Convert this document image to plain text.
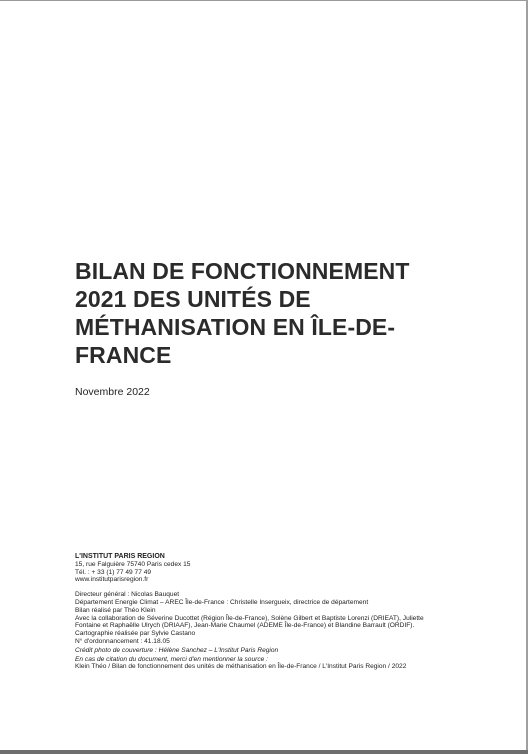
BILAN DE FONCTIONNEMENT
2021 DES UNITÉS DE
MÉTHANISATION EN ÎLE-DE-
FRANCE
Novembre 2022
L'INSTITUT PARIS REGION
15, rue Falguière 75740 Paris cedex 15
Tél. : + 33 (1) 77 49 77 49
www.institutparisregion.fr
Directeur général : Nicolas Bauquet
Département Energie Climat – AREC Île-de-France : Christelle Insergueix, directrice de département
Bilan réalisé par Théo Klein
Avec la collaboration de Séverine Ducottet (Région Île-de-France), Solène Gilbert et Baptiste Lorenzi (DRIEAT), Juliette
Fontaine et Raphaëlle Ulrych (DRIAAF), Jean-Marie Chaumel (ADEME Île-de-France) et Blandine Barrault (ORDIF).
Cartographie réalisée par Sylvie Castano
N° d'ordonnancement : 41.18.05
Crédit photo de couverture : Hélène Sanchez – L'Institut Paris Region
En cas de citation du document, merci d'en mentionner la source :
Klein Théo / Bilan de fonctionnement des unités de méthanisation en Île-de-France / L'Institut Paris Region / 2022
